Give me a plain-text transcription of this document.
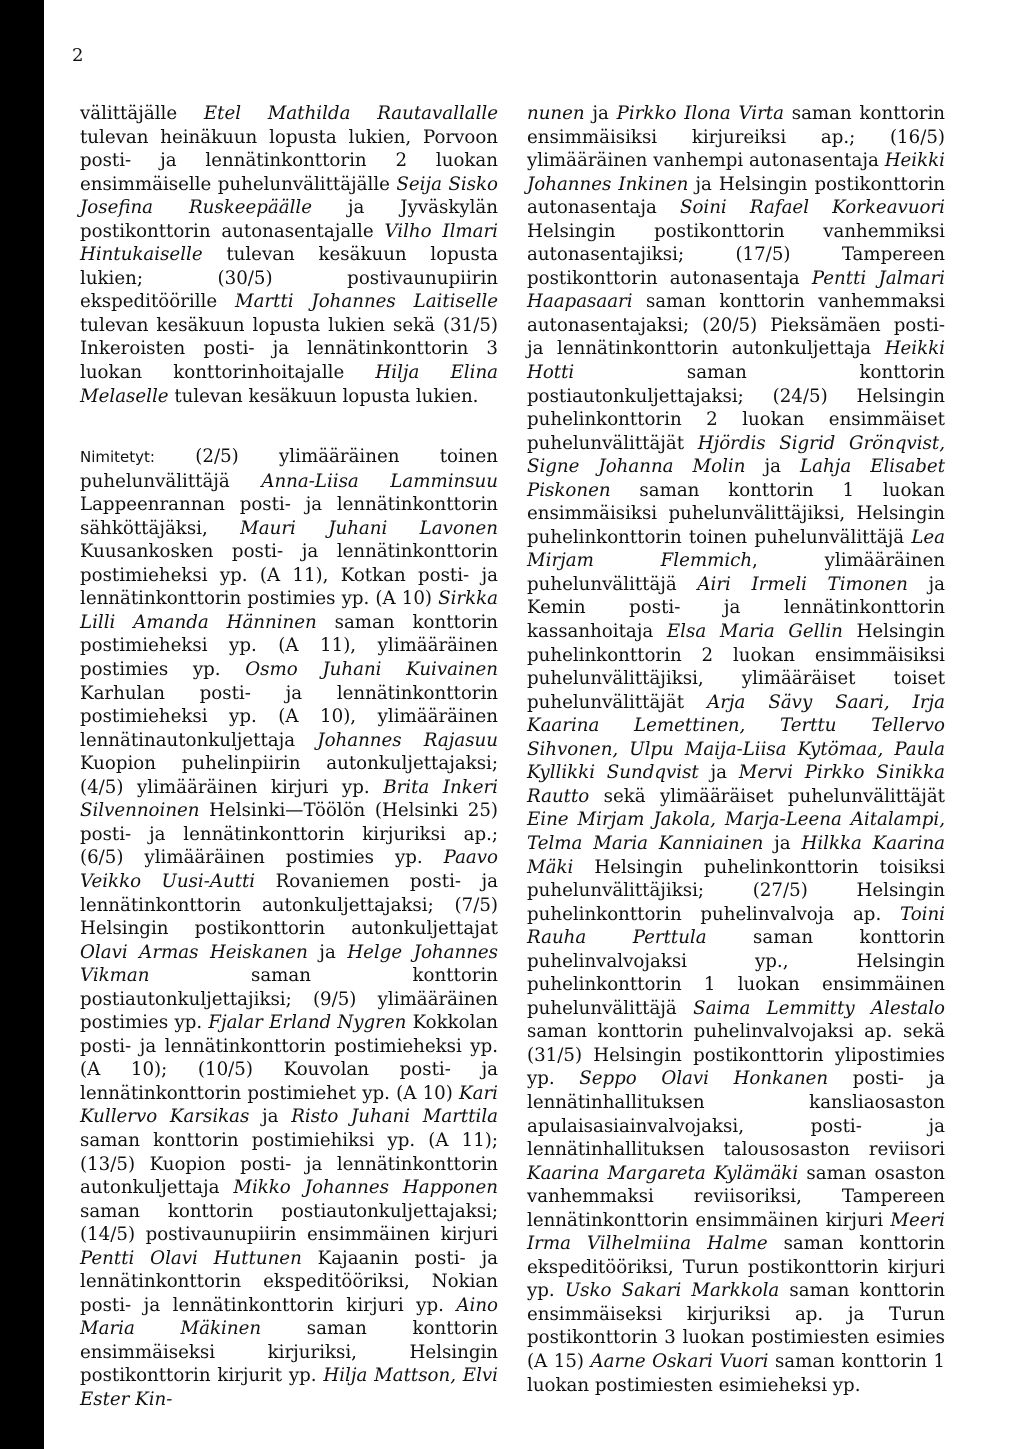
2

välittäjälle Etel Mathilda Rautavallalle tulevan heinäkuun lopusta lukien, Porvoon posti- ja lennätinkonttorin 2 luokan ensimmäiselle puhelunvälittäjälle Seija Sisko Josefina Ruskeepäälle ja Jyväskylän postikonttorin autonasentajalle Vilho Ilmari Hintukaiselle tulevan kesäkuun lopusta lukien; (30/5) postivaunupiirin ekspeditöörille Martti Johannes Laitiselle tulevan kesäkuun lopusta lukien sekä (31/5) Inkeroisten posti- ja lennätinkonttorin 3 luokan konttorinhoitajalle Hilja Elina Melaselle tulevan kesäkuun lopusta lukien.

Nimitetyt: (2/5) ylimääräinen toinen puhelunvälittäjä Anna-Liisa Lamminsuu Lappeenrannan posti- ja lennätinkonttorin sähköttäjäksi, Mauri Juhani Lavonen Kuusankosken posti- ja lennätinkonttorin postimieheksi yp. (A 11), Kotkan posti- ja lennätinkonttorin postimies yp. (A 10) Sirkka Lilli Amanda Hänninen saman konttorin postimieheksi yp. (A 11), ylimääräinen postimies yp. Osmo Juhani Kuivainen Karhulan posti- ja lennätinkonttorin postimieheksi yp. (A 10), ylimääräinen lennätinautonkuljettaja Johannes Rajasuu Kuopion puhelinpiirin autonkuljettajaksi; (4/5) ylimääräinen kirjuri yp. Brita Inkeri Silvennoinen Helsinki—Töölön (Helsinki 25) posti- ja lennätinkonttorin kirjuriksi ap.; (6/5) ylimääräinen postimies yp. Paavo Veikko Uusi-Autti Rovaniemen posti- ja lennätinkonttorin autonkuljettajaksi; (7/5) Helsingin postikonttorin autonkuljettajat Olavi Armas Heiskanen ja Helge Johannes Vikman saman konttorin postiautonkuljettajiksi; (9/5) ylimääräinen postimies yp. Fjalar Erland Nygren Kokkolan posti- ja lennätinkonttorin postimieheksi yp. (A 10); (10/5) Kouvolan posti- ja lennätinkonttorin postimiehet yp. (A 10) Kari Kullervo Karsikas ja Risto Juhani Marttila saman konttorin postimiehiksi yp. (A 11); (13/5) Kuopion posti- ja lennätinkonttorin autonkuljettaja Mikko Johannes Happonen saman konttorin postiautonkuljettajaksi; (14/5) postivaunupiirin ensimmäinen kirjuri Pentti Olavi Huttunen Kajaanin posti- ja lennätinkonttorin ekspeditööriksi, Nokian posti- ja lennätinkonttorin kirjuri yp. Aino Maria Mäkinen saman konttorin ensimmäiseksi kirjuriksi, Helsingin postikonttorin kirjurit yp. Hilja Mattson, Elvi Ester Kin-

nunen ja Pirkko Ilona Virta saman konttorin ensimmäisiksi kirjureiksi ap.; (16/5) ylimääräinen vanhempi autonasentaja Heikki Johannes Inkinen ja Helsingin postikonttorin autonasentaja Soini Rafael Korkeavuori Helsingin postikonttorin vanhemmiksi autonasentajiksi; (17/5) Tampereen postikonttorin autonasentaja Pentti Jalmari Haapasaari saman konttorin vanhemmaksi autonasentajaksi; (20/5) Pieksämäen posti- ja lennätinkonttorin autonkuljettaja Heikki Hotti saman konttorin postiautonkuljettajaksi; (24/5) Helsingin puhelinkonttorin 2 luokan ensimmäiset puhelunvälittäjät Hjördis Sigrid Grönqvist, Signe Johanna Molin ja Lahja Elisabet Piskonen saman konttorin 1 luokan ensimmäisiksi puhelunvälittäjiksi, Helsingin puhelinkonttorin toinen puhelunvälittäjä Lea Mirjam Flemmich, ylimääräinen puhelunvälittäjä Airi Irmeli Timonen ja Kemin posti- ja lennätinkonttorin kassanhoitaja Elsa Maria Gellin Helsingin puhelinkonttorin 2 luokan ensimmäisiksi puhelunvälittäjiksi, ylimääräiset toiset puhelunvälittäjät Arja Sävy Saari, Irja Kaarina Lemettinen, Terttu Tellervo Sihvonen, Ulpu Maija-Liisa Kytömaa, Paula Kyllikki Sundqvist ja Mervi Pirkko Sinikka Rautto sekä ylimääräiset puhelunvälittäjät Eine Mirjam Jakola, Marja-Leena Aitalampi, Telma Maria Kanniainen ja Hilkka Kaarina Mäki Helsingin puhelinkonttorin toisiksi puhelunvälittäjiksi; (27/5) Helsingin puhelinkonttorin puhelinvalvoja ap. Toini Rauha Perttula saman konttorin puhelinvalvojaksi yp., Helsingin puhelinkonttorin 1 luokan ensimmäinen puhelunvälittäjä Saima Lemmitty Alestalo saman konttorin puhelinvalvojaksi ap. sekä (31/5) Helsingin postikonttorin ylipostimies yp. Seppo Olavi Honkanen posti- ja lennätinhallituksen kansliaosaston apulaisasiainvalvojaksi, posti- ja lennätinhallituksen talousosaston reviisori Kaarina Margareta Kylämäki saman osaston vanhemmaksi reviisoriksi, Tampereen lennätinkonttorin ensimmäinen kirjuri Meeri Irma Vilhelmiina Halme saman konttorin ekspeditööriksi, Turun postikonttorin kirjuri yp. Usko Sakari Markkola saman konttorin ensimmäiseksi kirjuriksi ap. ja Turun postikonttorin 3 luokan postimiesten esimies (A 15) Aarne Oskari Vuori saman konttorin 1 luokan postimiesten esimieheksi yp.
